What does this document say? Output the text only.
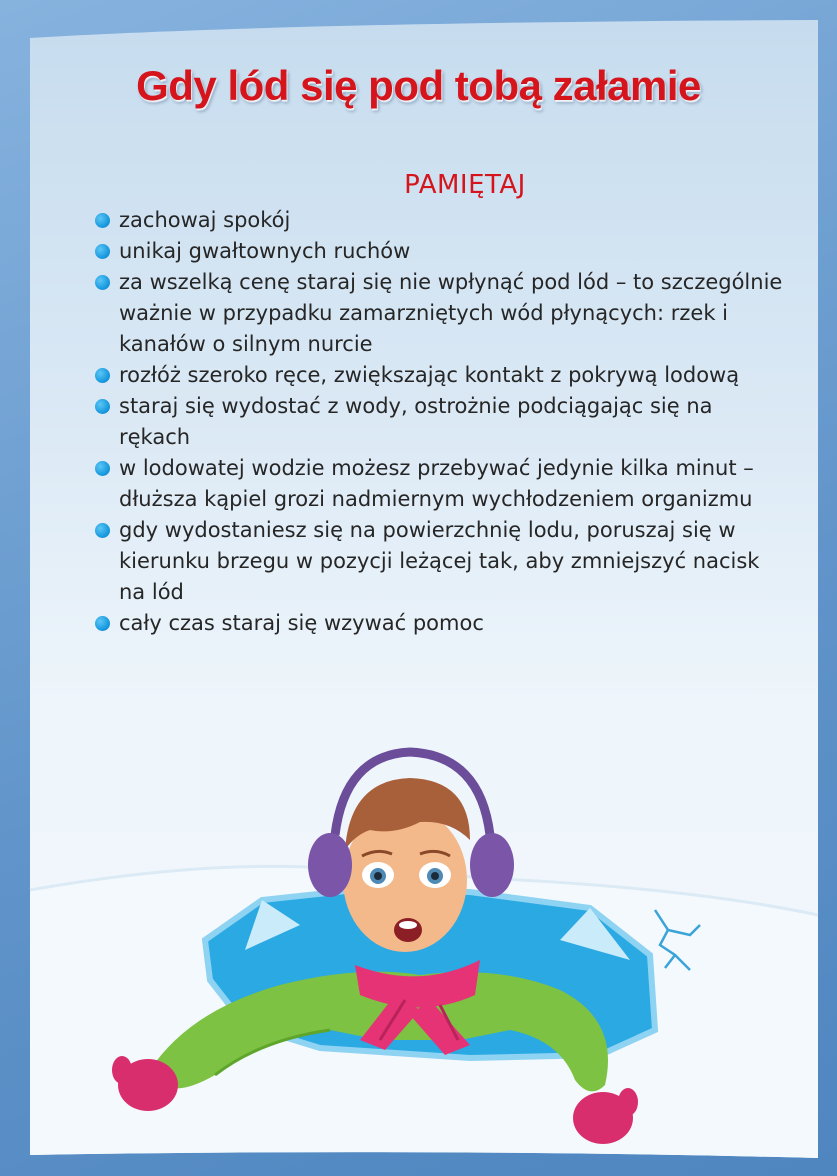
Gdy lód się pod tobą załamie
PAMIĘTAJ
zachowaj spokój
unikaj gwałtownych ruchów
za wszelką cenę staraj się nie wpłynąć pod lód – to szczególnie ważnie w przypadku zamarzniętych wód płynących: rzek i kanałów o silnym nurcie
rozłóż szeroko ręce, zwiększając kontakt z pokrywą lodową
staraj się wydostać z wody, ostrożnie podciągając się na rękach
w lodowatej wodzie możesz przebywać jedynie kilka minut – dłuższa kąpiel grozi nadmiernym wychłodzeniem organizmu
gdy wydostaniesz się na powierzchnię lodu, poruszaj się w kierunku brzegu w pozycji leżącej tak, aby zmniejszyć nacisk na lód
cały czas staraj się wzywać pomoc
